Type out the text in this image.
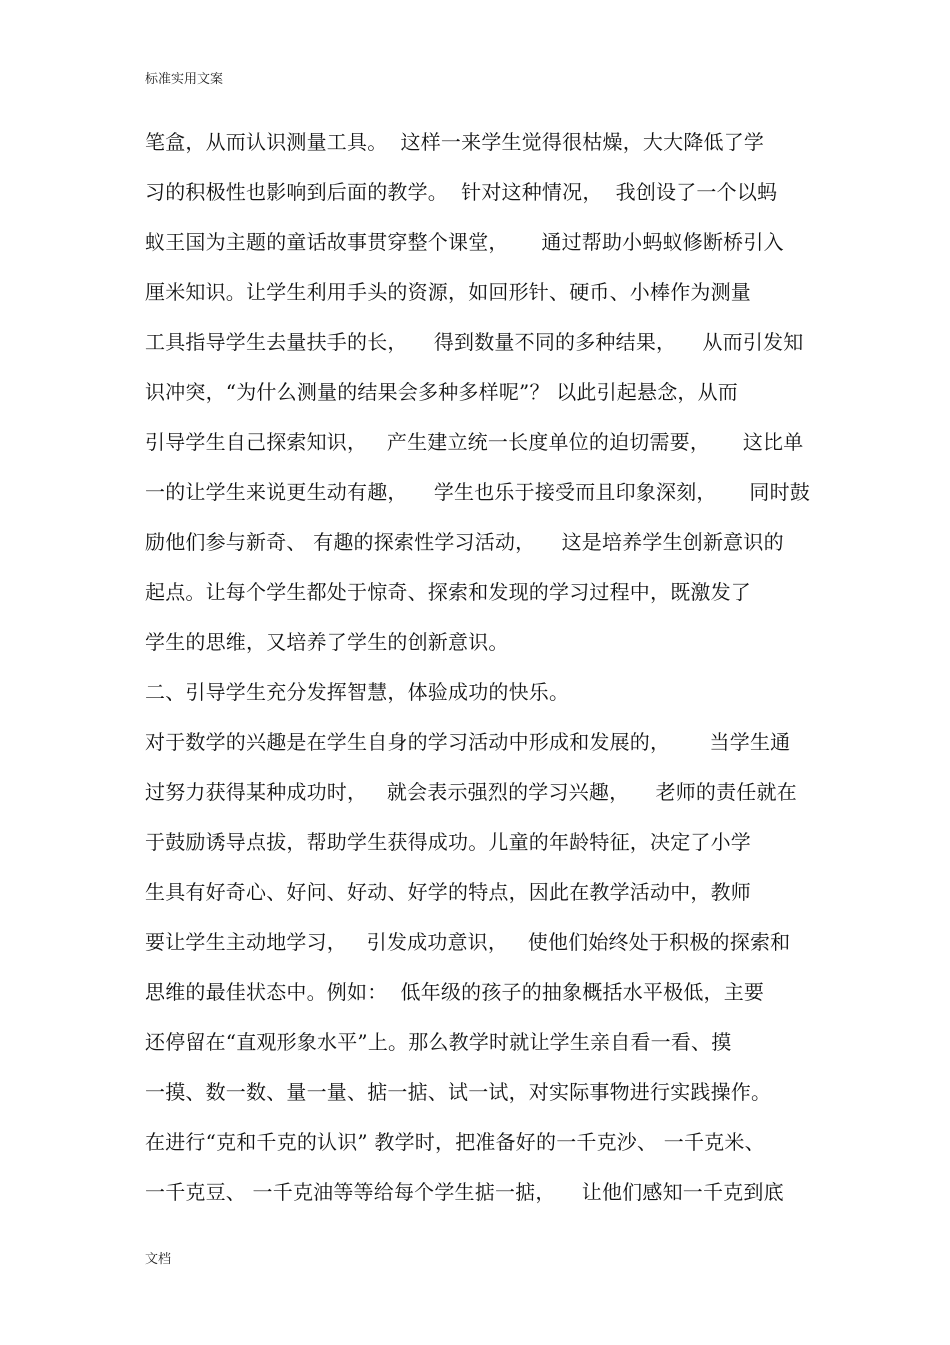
标准实用文案
笔盒，从而认识测量工具。  这样一来学生觉得很枯燥，大大降低了学
习的积极性也影响到后面的教学。  针对这种情况，  我创设了一个以蚂
蚁王国为主题的童话故事贯穿整个课堂，     通过帮助小蚂蚁修断桥引入
厘米知识。让学生利用手头的资源，如回形针、硬币、小棒作为测量
工具指导学生去量扶手的长，    得到数量不同的多种结果，    从而引发知
识冲突，“为什么测量的结果会多种多样呢”？ 以此引起悬念，从而
引导学生自己探索知识，   产生建立统一长度单位的迫切需要，     这比单
一的让学生来说更生动有趣，    学生也乐于接受而且印象深刻，     同时鼓
励他们参与新奇、 有趣的探索性学习活动，    这是培养学生创新意识的
起点。让每个学生都处于惊奇、探索和发现的学习过程中，既激发了
学生的思维，又培养了学生的创新意识。
二、引导学生充分发挥智慧，体验成功的快乐。
对于数学的兴趣是在学生自身的学习活动中形成和发展的，      当学生通
过努力获得某种成功时，   就会表示强烈的学习兴趣，    老师的责任就在
于鼓励诱导点拔，帮助学生获得成功。儿童的年龄特征，决定了小学
生具有好奇心、好问、好动、好学的特点，因此在教学活动中，教师
要让学生主动地学习，   引发成功意识，   使他们始终处于积极的探索和
思维的最佳状态中。例如：  低年级的孩子的抽象概括水平极低，主要
还停留在“直观形象水平”上。那么教学时就让学生亲自看一看、摸
一摸、数一数、量一量、掂一掂、试一试，对实际事物进行实践操作。
在进行“克和千克的认识” 教学时，把准备好的一千克沙、 一千克米、
一千克豆、 一千克油等等给每个学生掂一掂，    让他们感知一千克到底
文档
